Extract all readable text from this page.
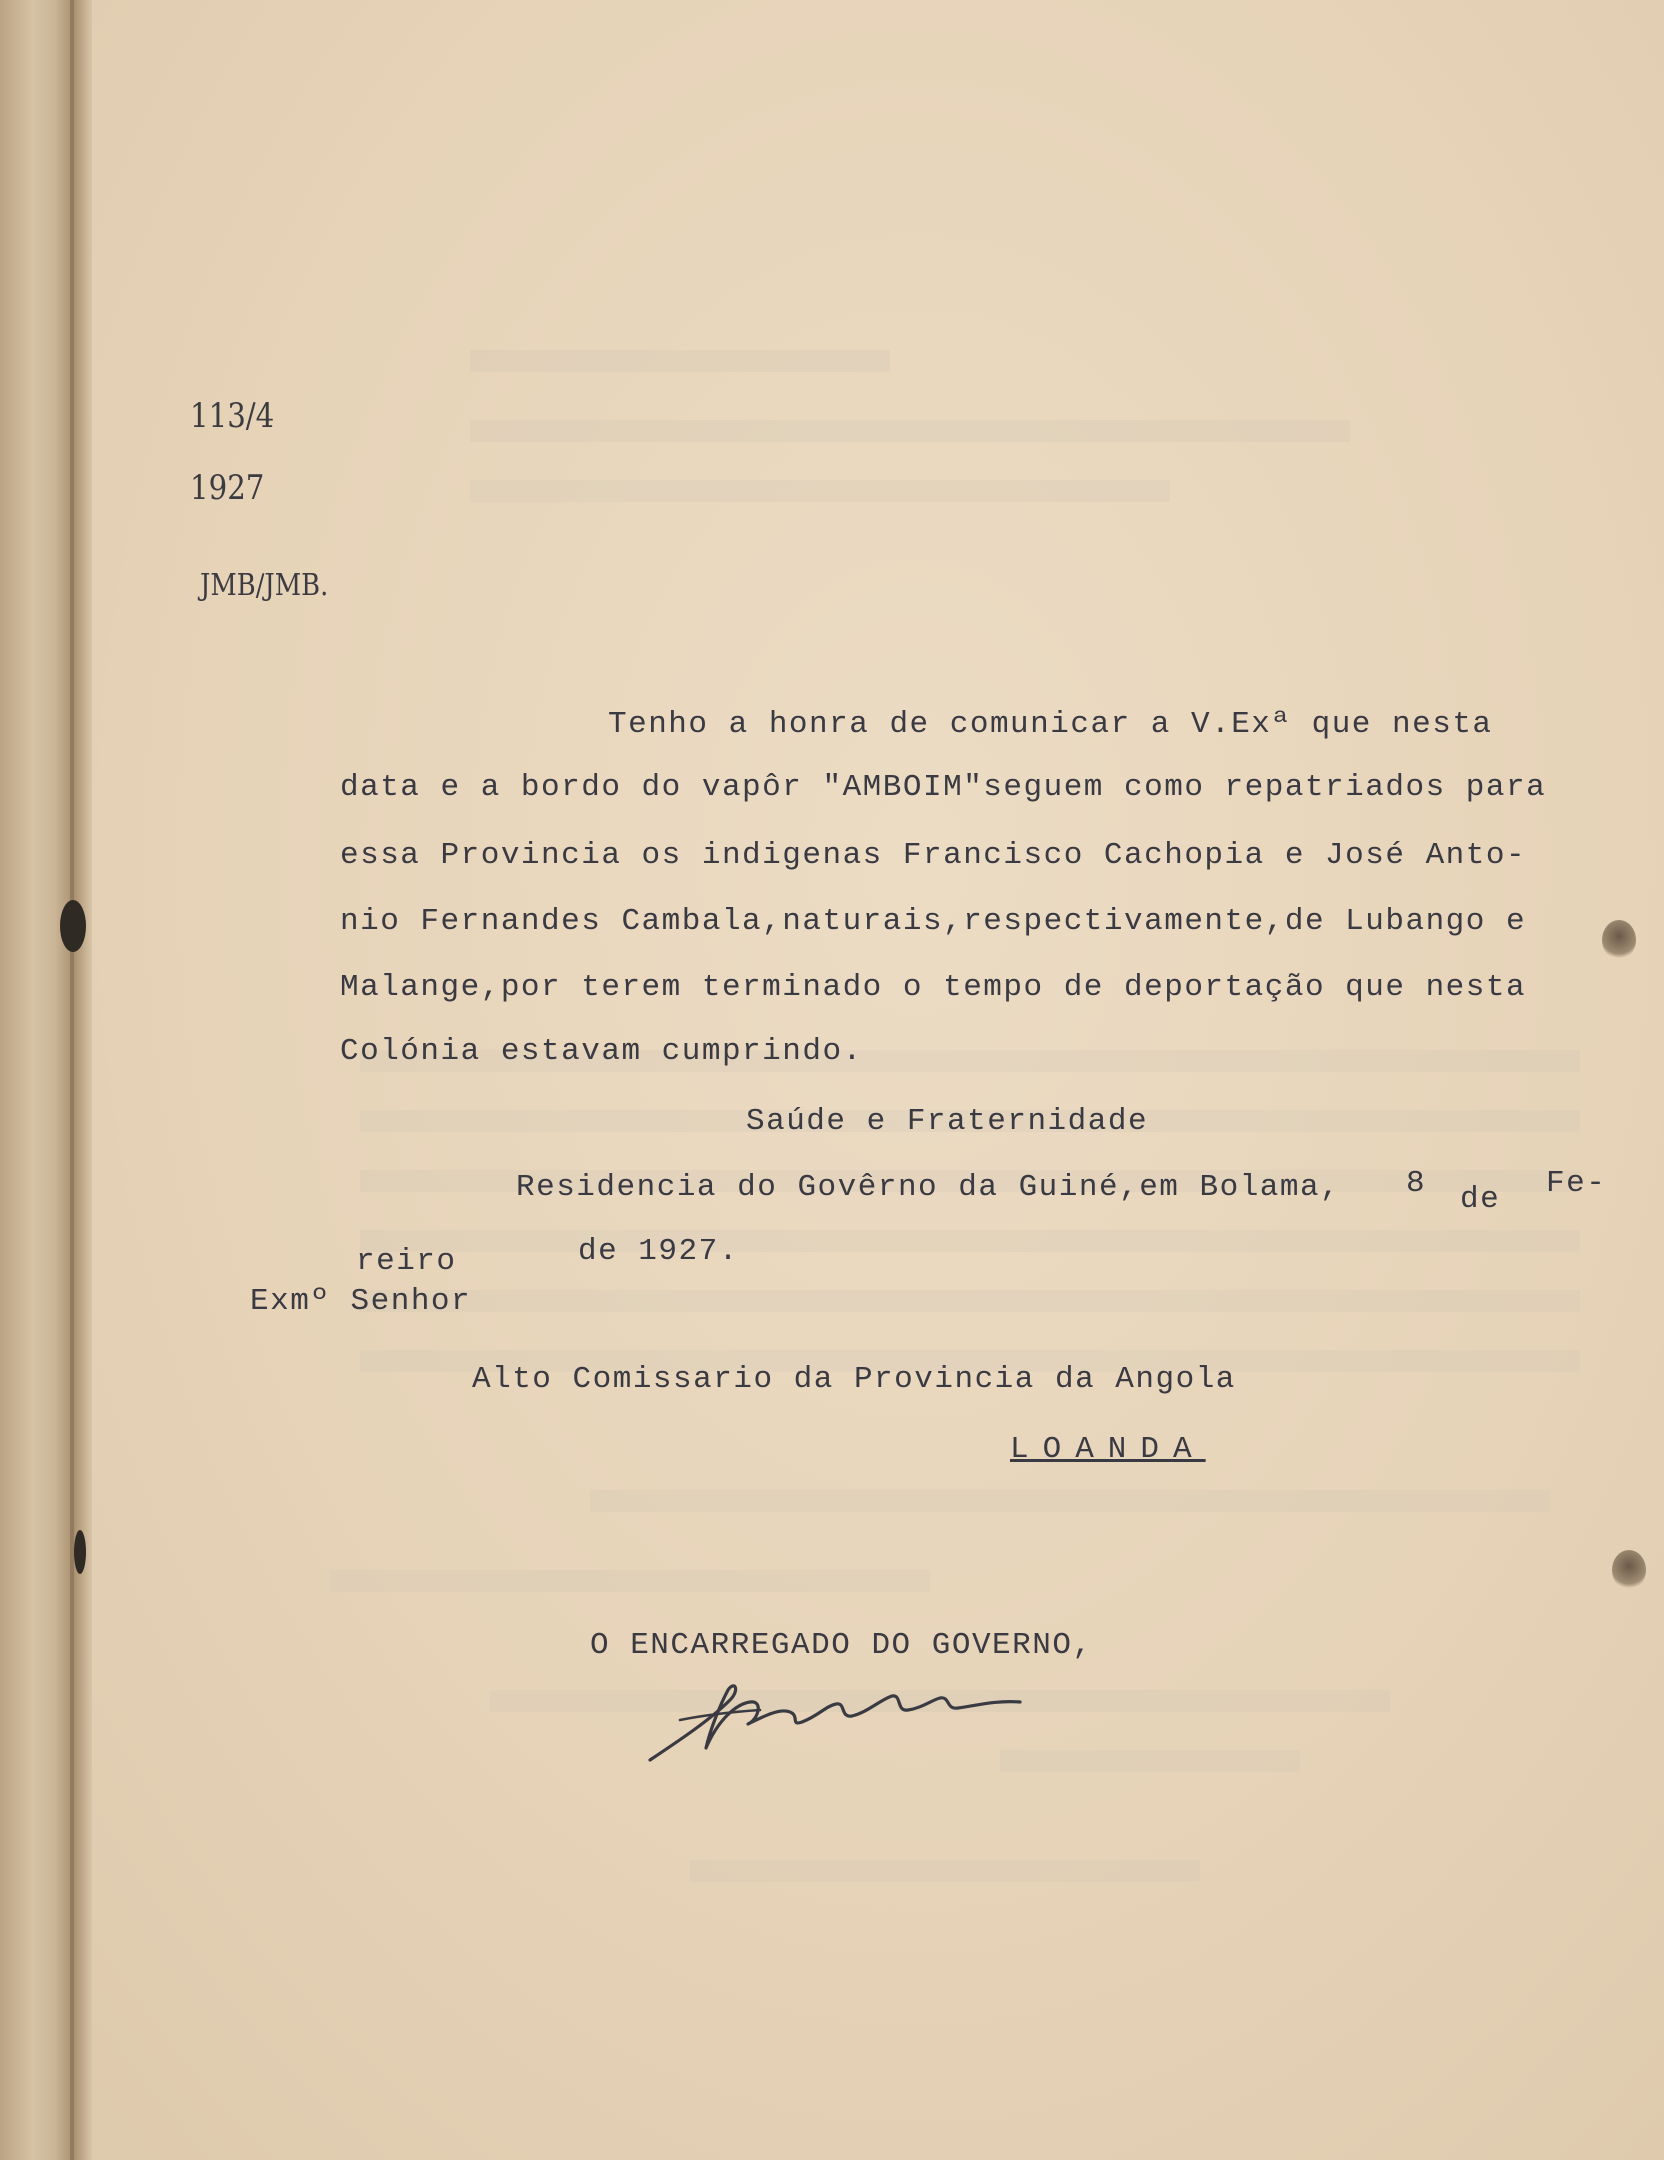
113/4
1927
JMB/JMB.
Tenho a honra de comunicar a V.Exª que nesta
data e a bordo do vapôr "AMBOIM"seguem como repatriados para
essa Provincia os indigenas Francisco Cachopia e José Anto-
nio Fernandes Cambala,naturais,respectivamente,de Lubango e
Malange,por terem terminado o tempo de deportação que nesta
Colónia estavam cumprindo.
Saúde e Fraternidade
Residencia do Govêrno da Guiné,em Bolama, 8 de Fe-
reiro	de 1927.
Exmº Senhor
Alto Comissario da Provincia da Angola
LOANDA
O ENCARREGADO DO GOVERNO,
